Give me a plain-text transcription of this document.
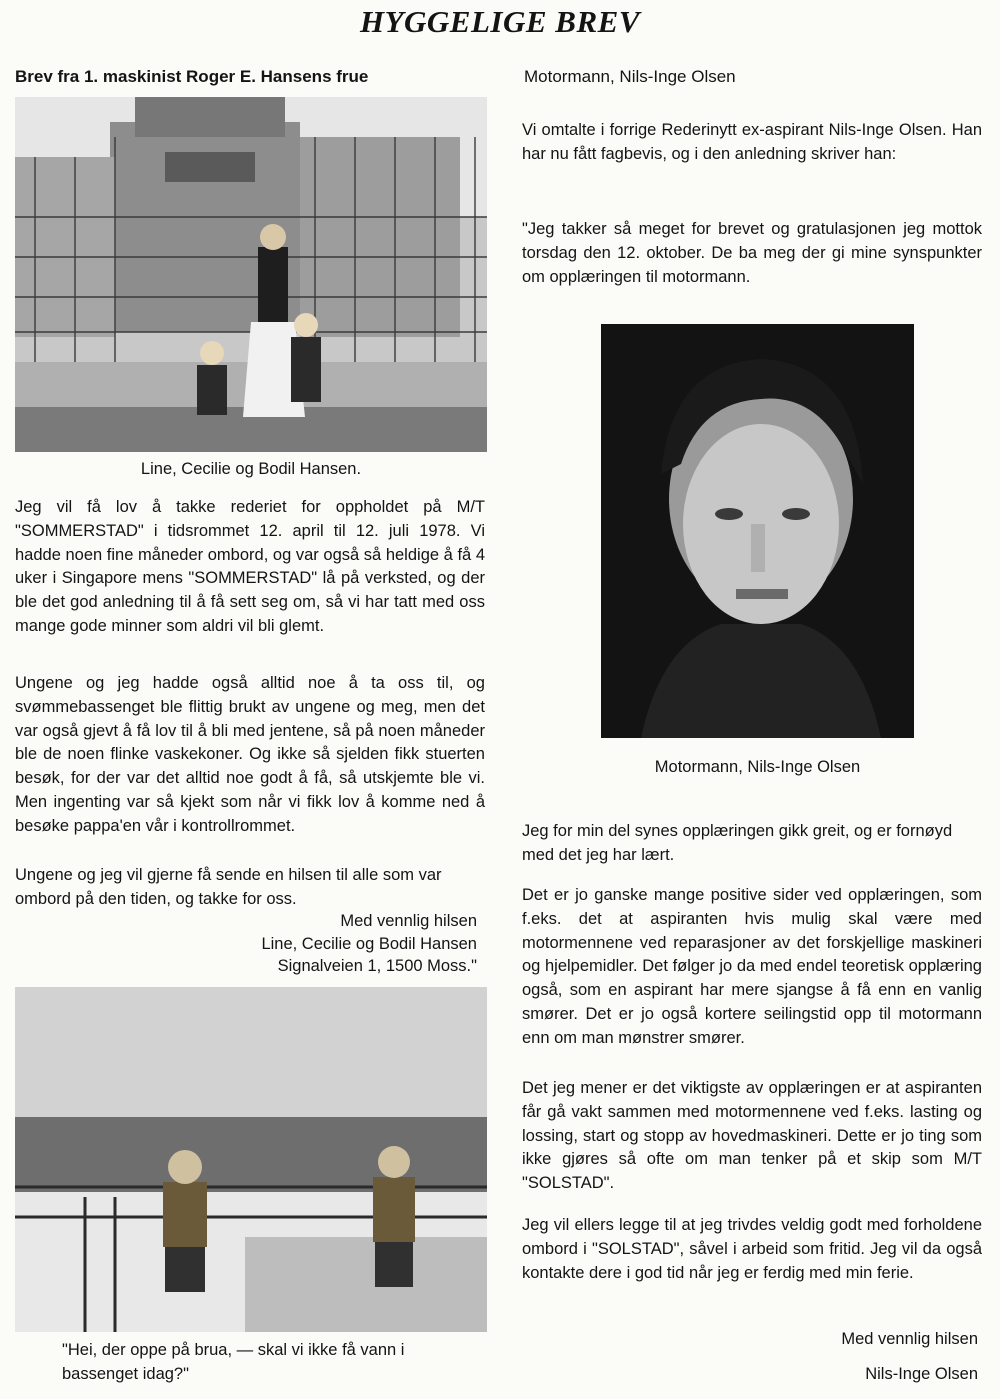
HYGGELIGE BREV
Brev fra 1. maskinist Roger E. Hansens frue
Line, Cecilie og Bodil Hansen.
Jeg vil få lov å takke rederiet for oppholdet på M/T "SOMMERSTAD" i tidsrommet 12. april til 12. juli 1978. Vi hadde noen fine måneder ombord, og var også så heldige å få 4 uker i Singapore mens "SOMMERSTAD" lå på verksted, og der ble det god anledning til å få sett seg om, så vi har tatt med oss mange gode minner som aldri vil bli glemt.
Ungene og jeg hadde også alltid noe å ta oss til, og svømmebassenget ble flittig brukt av ungene og meg, men det var også gjevt å få lov til å bli med jentene, så på noen måneder ble de noen flinke vaskekoner. Og ikke så sjelden fikk stuerten besøk, for der var det alltid noe godt å få, så utskjemte ble vi. Men ingenting var så kjekt som når vi fikk lov å komme ned å besøke pappa'en vår i kontrollrommet.
Ungene og jeg vil gjerne få sende en hilsen til alle som var ombord på den tiden, og takke for oss.
Med vennlig hilsen
Line, Cecilie og Bodil Hansen
Signalveien 1, 1500 Moss."
"Hei, der oppe på brua, — skal vi ikke få vann i
bassenget idag?"
Motormann, Nils-Inge Olsen
Vi omtalte i forrige Rederinytt ex-aspirant Nils-Inge Olsen. Han har nu fått fagbevis, og i den anledning skriver han:
"Jeg takker så meget for brevet og gratulasjonen jeg mottok torsdag den 12. oktober. De ba meg der gi mine synspunkter om opplæringen til motormann.
Motormann, Nils-Inge Olsen
Jeg for min del synes opplæringen gikk greit, og er fornøyd med det jeg har lært.
Det er jo ganske mange positive sider ved opplæringen, som f.eks. det at aspiranten hvis mulig skal være med motormennene ved reparasjoner av det forskjellige maskineri og hjelpemidler. Det følger jo da med endel teoretisk opplæring også, som en aspirant har mere sjangse å få enn en vanlig smører. Det er jo også kortere seilingstid opp til motormann enn om man mønstrer smører.
Det jeg mener er det viktigste av opplæringen er at aspiranten får gå vakt sammen med motormennene ved f.eks. lasting og lossing, start og stopp av hovedmaskineri. Dette er jo ting som ikke gjøres så ofte om man tenker på et skip som M/T "SOLSTAD".
Jeg vil ellers legge til at jeg trivdes veldig godt med forholdene ombord i "SOLSTAD", såvel i arbeid som fritid. Jeg vil da også kontakte dere i god tid når jeg er ferdig med min ferie.
Med vennlig hilsen
Nils-Inge Olsen
